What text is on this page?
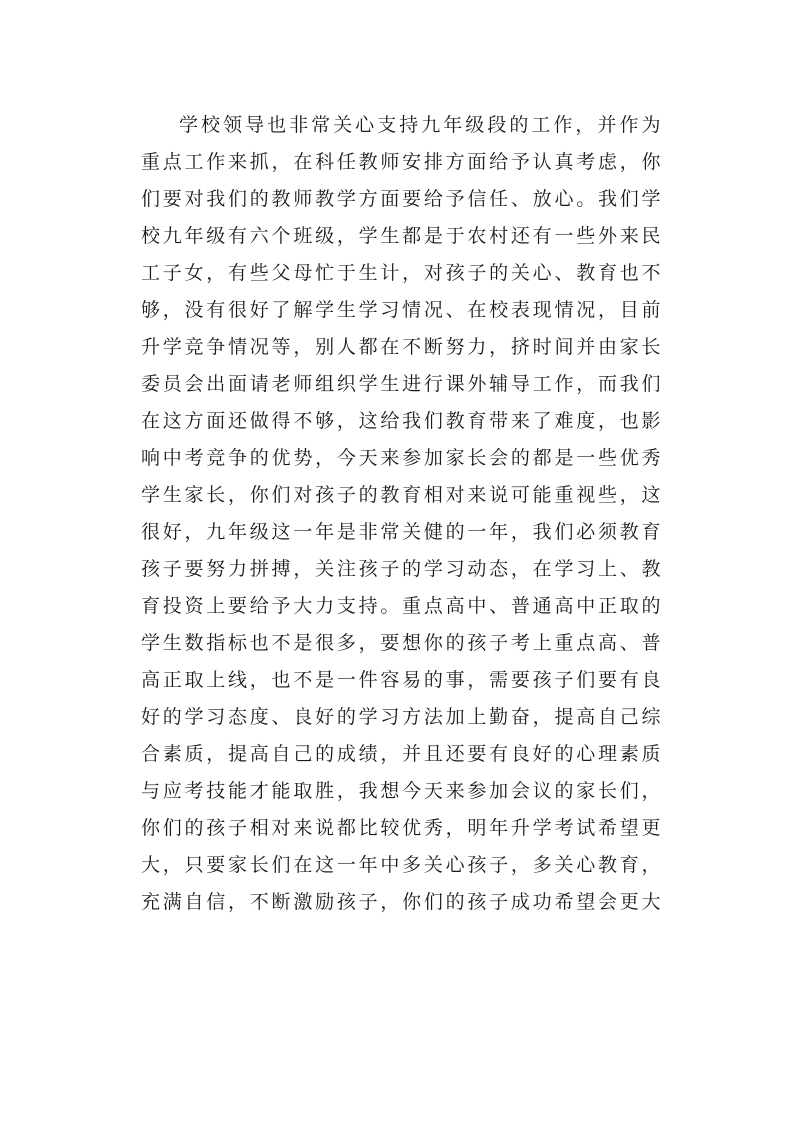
学校领导也非常关心支持九年级段的工作，并作为
重点工作来抓，在科任教师安排方面给予认真考虑，你
们要对我们的教师教学方面要给予信任、放心。我们学
校九年级有六个班级，学生都是于农村还有一些外来民
工子女，有些父母忙于生计，对孩子的关心、教育也不
够，没有很好了解学生学习情况、在校表现情况，目前
升学竞争情况等，别人都在不断努力，挤时间并由家长
委员会出面请老师组织学生进行课外辅导工作，而我们
在这方面还做得不够，这给我们教育带来了难度，也影
响中考竞争的优势，今天来参加家长会的都是一些优秀
学生家长，你们对孩子的教育相对来说可能重视些，这
很好，九年级这一年是非常关健的一年，我们必须教育
孩子要努力拼搏，关注孩子的学习动态，在学习上、教
育投资上要给予大力支持。重点高中、普通高中正取的
学生数指标也不是很多，要想你的孩子考上重点高、普
高正取上线，也不是一件容易的事，需要孩子们要有良
好的学习态度、良好的学习方法加上勤奋，提高自己综
合素质，提高自己的成绩，并且还要有良好的心理素质
与应考技能才能取胜，我想今天来参加会议的家长们，
你们的孩子相对来说都比较优秀，明年升学考试希望更
大，只要家长们在这一年中多关心孩子，多关心教育，
充满自信，不断激励孩子，你们的孩子成功希望会更大
